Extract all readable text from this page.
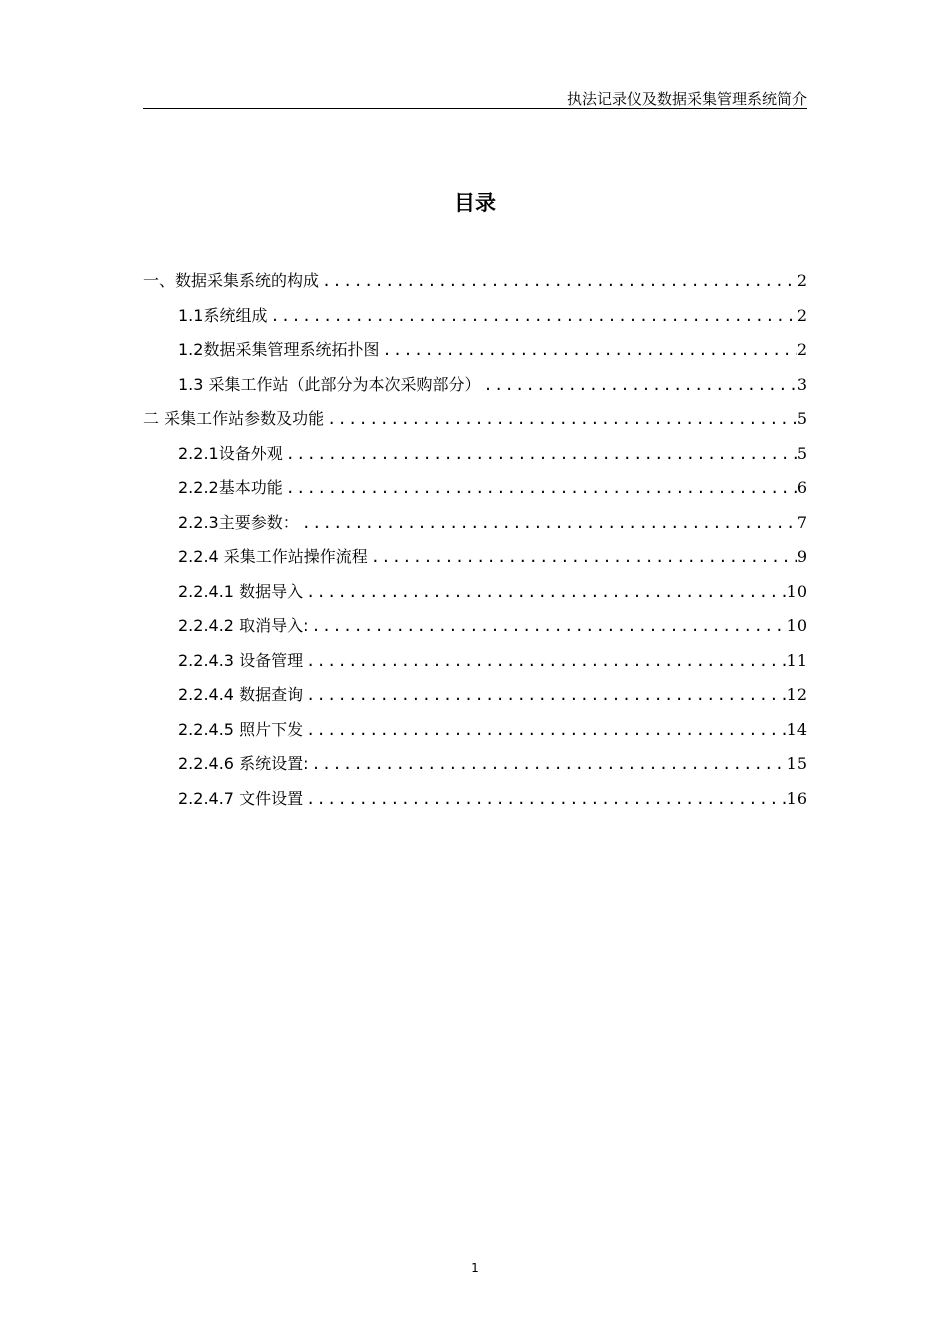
执法记录仪及数据采集管理系统简介
目录
一、数据采集系统的构成 .....	2
1.1系统组成 .....	2
1.2数据采集管理系统拓扑图 .....	2
1.3 采集工作站（此部分为本次采购部分） .....	3
二 采集工作站参数及功能 .....	5
2.2.1设备外观 .....	5
2.2.2基本功能 .....	6
2.2.3主要参数： .....	7
2.2.4 采集工作站操作流程 .....	9
2.2.4.1 数据导入 .....	10
2.2.4.2 取消导入: .....	10
2.2.4.3 设备管理 .....	11
2.2.4.4 数据查询 .....	12
2.2.4.5 照片下发 .....	14
2.2.4.6 系统设置: .....	15
2.2.4.7 文件设置 .....	16
1
